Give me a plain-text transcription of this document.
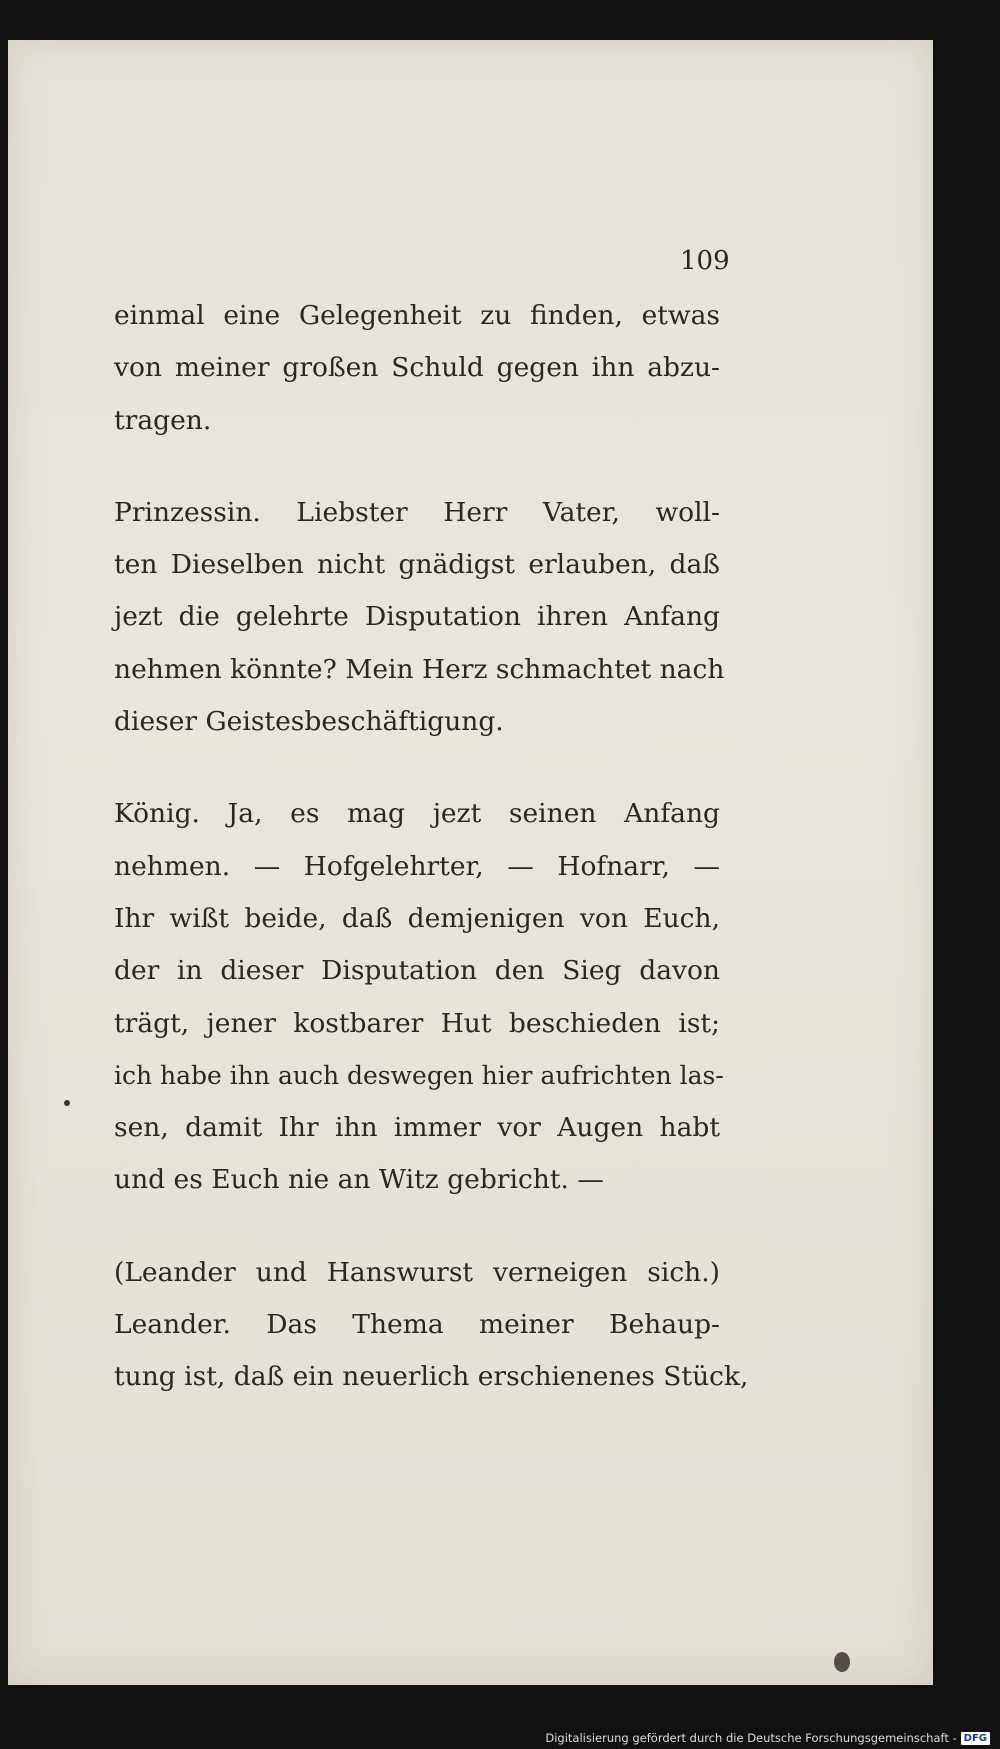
109
einmal eine Gelegenheit zu finden, etwas
von meiner großen Schuld gegen ihn abzu-
tragen.
Prinzessin. Liebster Herr Vater, woll-
ten Dieselben nicht gnädigst erlauben, daß
jezt die gelehrte Disputation ihren Anfang
nehmen könnte? Mein Herz schmachtet nach
dieser Geistesbeschäftigung.
König. Ja, es mag jezt seinen Anfang
nehmen. — Hofgelehrter, — Hofnarr, —
Ihr wißt beide, daß demjenigen von Euch,
der in dieser Disputation den Sieg davon
trägt, jener kostbarer Hut beschieden ist;
ich habe ihn auch deswegen hier aufrichten las-
sen, damit Ihr ihn immer vor Augen habt
und es Euch nie an Witz gebricht. —
(Leander und Hanswurst verneigen sich.)
Leander. Das Thema meiner Behaup-
tung ist, daß ein neuerlich erschienenes Stück,
Digitalisierung gefördert durch die Deutsche Forschungsgemeinschaft - DFG
